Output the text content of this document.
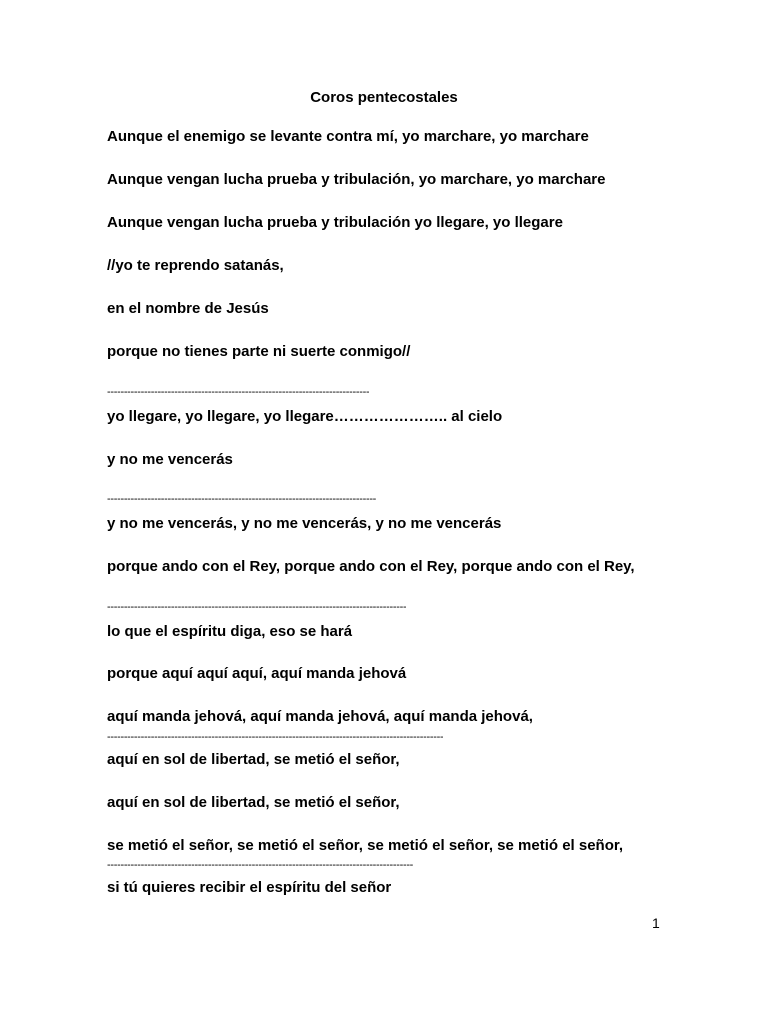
Coros pentecostales
Aunque el enemigo se levante contra mí, yo marchare, yo marchare
Aunque vengan lucha prueba y tribulación, yo marchare, yo marchare
Aunque vengan lucha prueba y tribulación yo llegare, yo llegare
//yo te reprendo satanás,
en el nombre de Jesús
porque no tienes parte ni suerte conmigo//
------------------------------------------------------------------------------
yo llegare, yo llegare, yo llegare………………….. al cielo
y no me vencerás
--------------------------------------------------------------------------------
y no me vencerás, y no me vencerás, y no me vencerás
porque ando con el Rey, porque ando con el Rey, porque ando con el Rey,
-----------------------------------------------------------------------------------------
lo que el espíritu diga, eso se hará
porque aquí aquí aquí, aquí manda jehová
aquí manda jehová, aquí manda jehová, aquí manda jehová,
----------------------------------------------------------------------------------------------------
aquí en sol de libertad, se metió el señor,
aquí en sol de libertad, se metió el señor,
se metió el señor, se metió el señor, se metió el señor, se metió el señor,
-------------------------------------------------------------------------------------------
si tú quieres recibir el espíritu del señor
1
